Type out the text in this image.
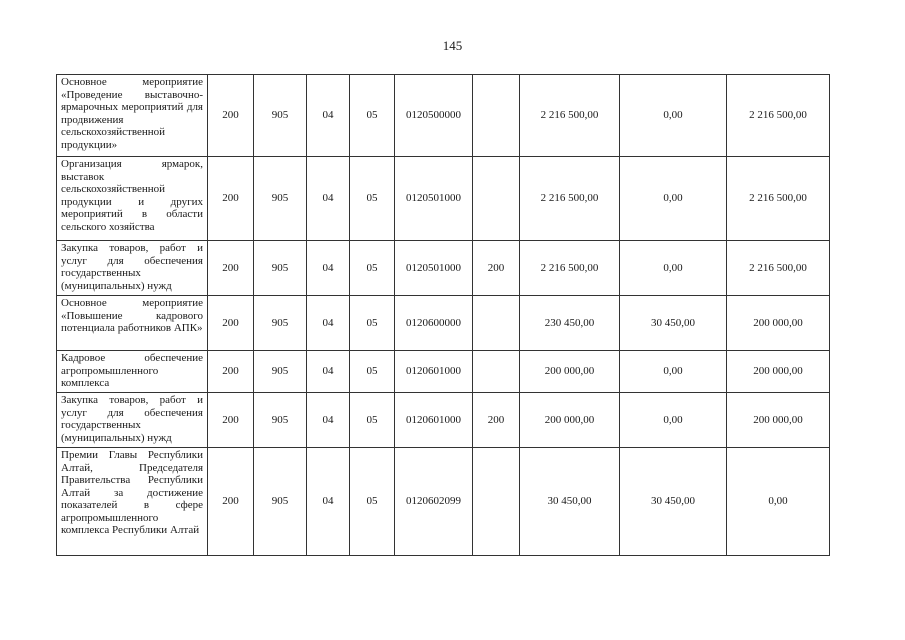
145
Основное мероприятие «Проведение выставочно-ярмарочных мероприятий для продвижения сельскохозяйственной продукции»	200	905	04	05	0120500000		2 216 500,00	0,00	2 216 500,00
Организация ярмарок, выставок сельскохозяйственной продукции и других мероприятий в области сельского хозяйства	200	905	04	05	0120501000		2 216 500,00	0,00	2 216 500,00
Закупка товаров, работ и услуг для обеспечения государственных (муниципальных) нужд	200	905	04	05	0120501000	200	2 216 500,00	0,00	2 216 500,00
Основное мероприятие «Повышение кадрового потенциала работников АПК»	200	905	04	05	0120600000		230 450,00	30 450,00	200 000,00
Кадровое обеспечение агропромышленного комплекса	200	905	04	05	0120601000		200 000,00	0,00	200 000,00
Закупка товаров, работ и услуг для обеспечения государственных (муниципальных) нужд	200	905	04	05	0120601000	200	200 000,00	0,00	200 000,00
Премии Главы Республики Алтай, Председателя Правительства Республики Алтай за достижение показателей в сфере агропромышленного комплекса Республики Алтай	200	905	04	05	0120602099		30 450,00	30 450,00	0,00
